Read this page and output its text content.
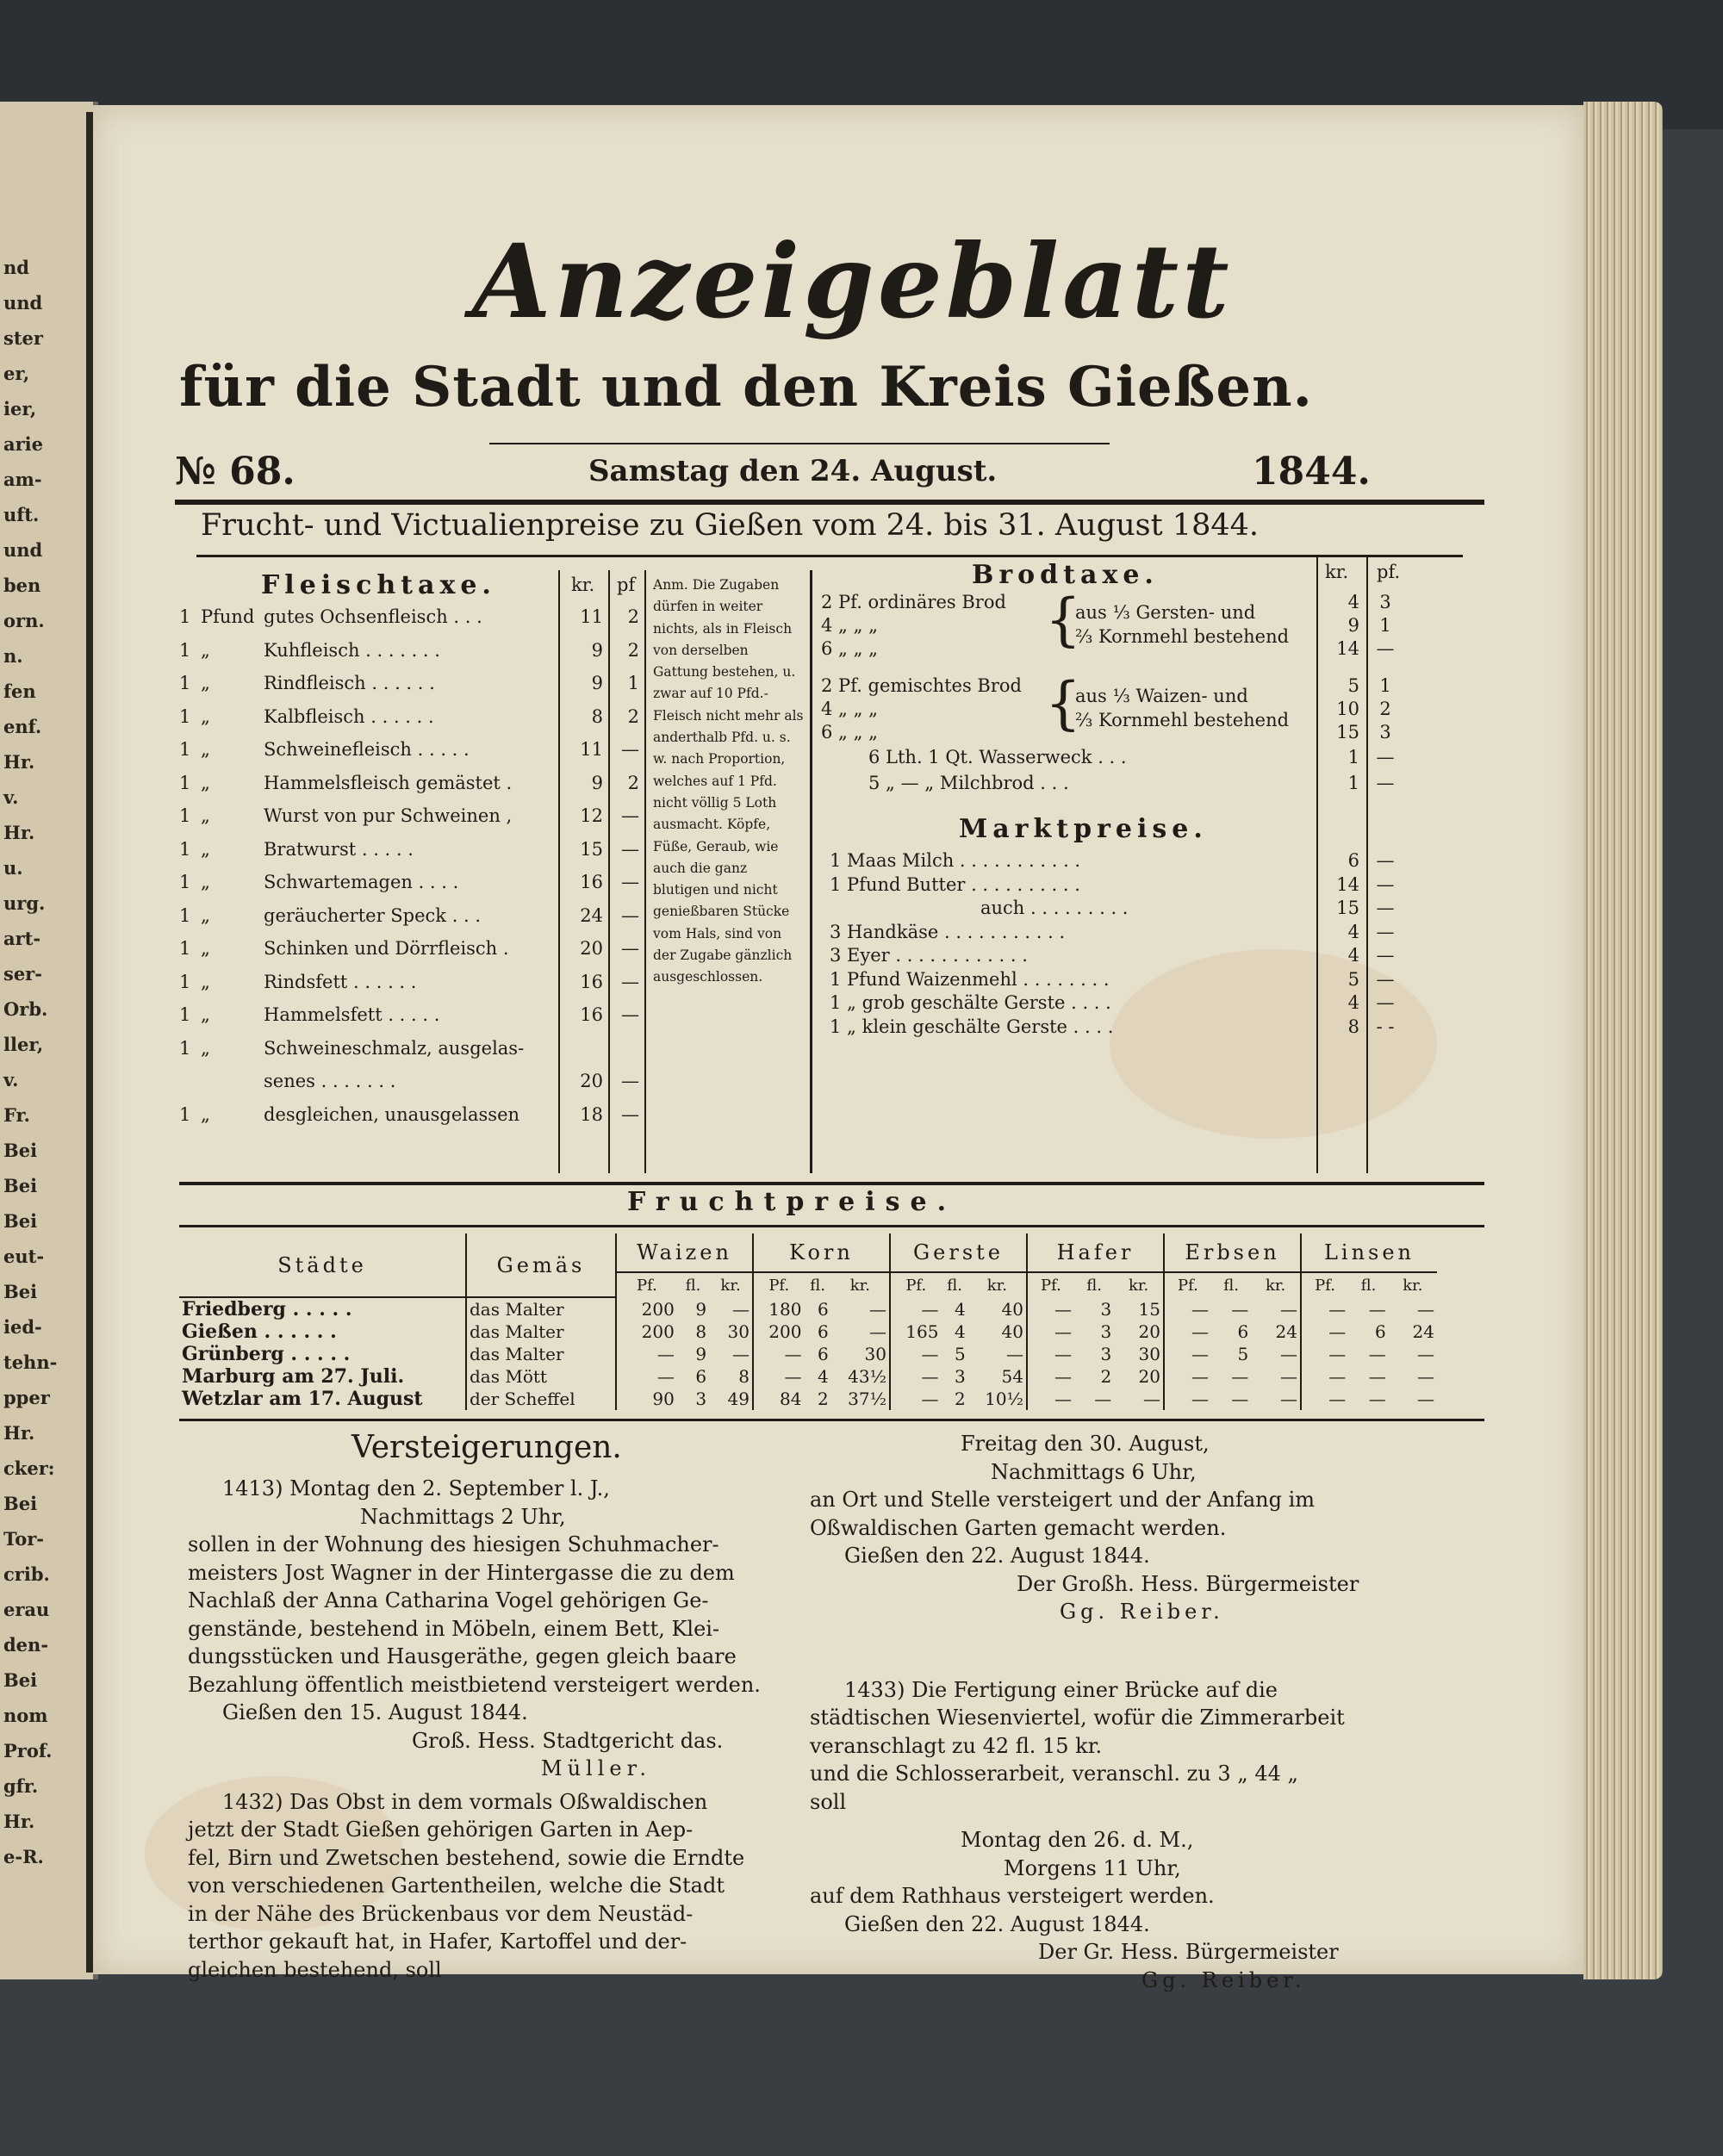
nd
und
ster
er,
ier,
arie
am-
uft.
und
ben
orn.
n.
fen
enf.
Hr.
v.
Hr.
u.
urg.
art-
ser-
Orb.
ller,
v.
Fr.
Bei
Bei
Bei
eut-
Bei
ied-
tehn-
pper
Hr.
cker:
Bei
Tor-
crib.
erau
den-
Bei
nom
Prof.
gfr.
Hr.
e-R.
Anzeigeblatt
für die Stadt und den Kreis Gießen.
№ 68.	Samstag den 24. August.	1844.
Frucht- und Victualienpreise zu Gießen vom 24. bis 31. August 1844.
Fleischtaxe.	kr. pf
1 Pfund gutes Ochsenfleisch . . .	11	2
1 „	Kuhfleisch . . . . . . .	9	2
1 „	Rindfleisch . . . . . .	9	1
1 „	Kalbfleisch . . . . . .	8	2
1 „	Schweinefleisch . . . . .	11	—
1 „	Hammelsfleisch gemästet .	9	2
1 „	Wurst von pur Schweinen ,	12	—
1 „	Bratwurst . . . . .	15	—
1 „	Schwartemagen . . . .	16	—
1 „	geräucherter Speck . . .	24	—
1 „	Schinken und Dörrfleisch .	20	—
1 „	Rindsfett . . . . . .	16	—
1 „	Hammelsfett . . . . .	16	—
1 „	Schweineschmalz, ausgelas-
senes . . . . . . .	20	—
1 „	desgleichen, unausgelassen	18	—
Anm. Die Zugaben dürfen in weiter nichts, als in Fleisch von derselben Gattung bestehen, u. zwar auf 10 Pfd.-Fleisch nicht mehr als anderthalb Pfd. u. s. w. nach Proportion, welches auf 1 Pfd. nicht völlig 5 Loth ausmacht. Köpfe, Füße, Geraub, wie auch die ganz blutigen und nicht genießbaren Stücke vom Hals, sind von der Zugabe gänzlich ausgeschlossen.
Brodtaxe.	kr. pf.
2 Pf. ordinäres Brod	4	3
4 „ „ „	9	1
6 „ „ „	14 —
{
aus ⅓ Gersten- und
⅔ Kornmehl bestehend
2 Pf. gemischtes Brod	5	1
4 „ „ „	10	2
6 „ „ „	15	3
{
aus ⅓ Waizen- und
⅔ Kornmehl bestehend
6 Lth. 1 Qt. Wasserweck . . .	1 —
5 „ — „ Milchbrod . . .	1 —
Marktpreise.
1 Maas Milch . . . . . . . . . . .	6 —
1 Pfund Butter . . . . . . . . . .	14 —
auch . . . . . . . . .	15 —
3 Handkäse . . . . . . . . . . .	4 —
3 Eyer . . . . . . . . . . . .	4 —
1 Pfund Waizenmehl . . . . . . . .	5 —
1 „ grob geschälte Gerste . . . .	4 —
1 „ klein geschälte Gerste . . . .	8 - -
Fruchtpreise.
Städte	Gemäs	Waizen			Korn			Gerste			Hafer			Erbsen			Linsen		
		Pf.	fl.	kr.	Pf.	fl.	kr.	Pf.	fl.	kr.	Pf.	fl.	kr.	Pf.	fl.	kr.	Pf.	fl.	kr.
Friedberg . . . . .	das Malter	200	9	—	180	6	—	—	4	40	—	3	15	—	—	—	—	—	—
Gießen . . . . . .	das Malter	200	8	30	200	6	—	165	4	40	—	3	20	—	6	24	—	6	24
Grünberg . . . . .	das Malter	—	9	—	—	6	30	—	5	—	—	3	30	—	5	—	—	—	—
Marburg am 27. Juli.	das Mött	—	6	8	—	4	43½	—	3	54	—	2	20	—	—	—	—	—	—
Wetzlar am 17. August	der Scheffel	90	3	49	84	2	37½	—	2	10½	—	—	—	—	—	—	—	—	—
Versteigerungen.

1413) Montag den 2. September l. J.,

Nachmittags 2 Uhr,

sollen in der Wohnung des hiesigen Schuhmacher-

meisters Jost Wagner in der Hintergasse die zu dem

Nachlaß der Anna Catharina Vogel gehörigen Ge-

genstände, bestehend in Möbeln, einem Bett, Klei-

dungsstücken und Hausgeräthe, gegen gleich baare

Bezahlung öffentlich meistbietend versteigert werden.

Gießen den 15. August 1844.

Groß. Hess. Stadtgericht das.

Müller.

1432) Das Obst in dem vormals Oßwaldischen

jetzt der Stadt Gießen gehörigen Garten in Aep-

fel, Birn und Zwetschen bestehend, sowie die Erndte

von verschiedenen Gartentheilen, welche die Stadt

in der Nähe des Brückenbaus vor dem Neustäd-

terthor gekauft hat, in Hafer, Kartoffel und der-

gleichen bestehend, soll

Freitag den 30. August,

Nachmittags 6 Uhr,

an Ort und Stelle versteigert und der Anfang im

Oßwaldischen Garten gemacht werden.

Gießen den 22. August 1844.

Der Großh. Hess. Bürgermeister

Gg. Reiber.

1433) Die Fertigung einer Brücke auf die

städtischen Wiesenviertel, wofür die Zimmerarbeit

veranschlagt zu 42 fl. 15 kr.

und die Schlosserarbeit, veranschl. zu 3 „ 44 „

soll

Montag den 26. d. M.,

Morgens 11 Uhr,

auf dem Rathhaus versteigert werden.

Gießen den 22. August 1844.

Der Gr. Hess. Bürgermeister

Gg. Reiber.
